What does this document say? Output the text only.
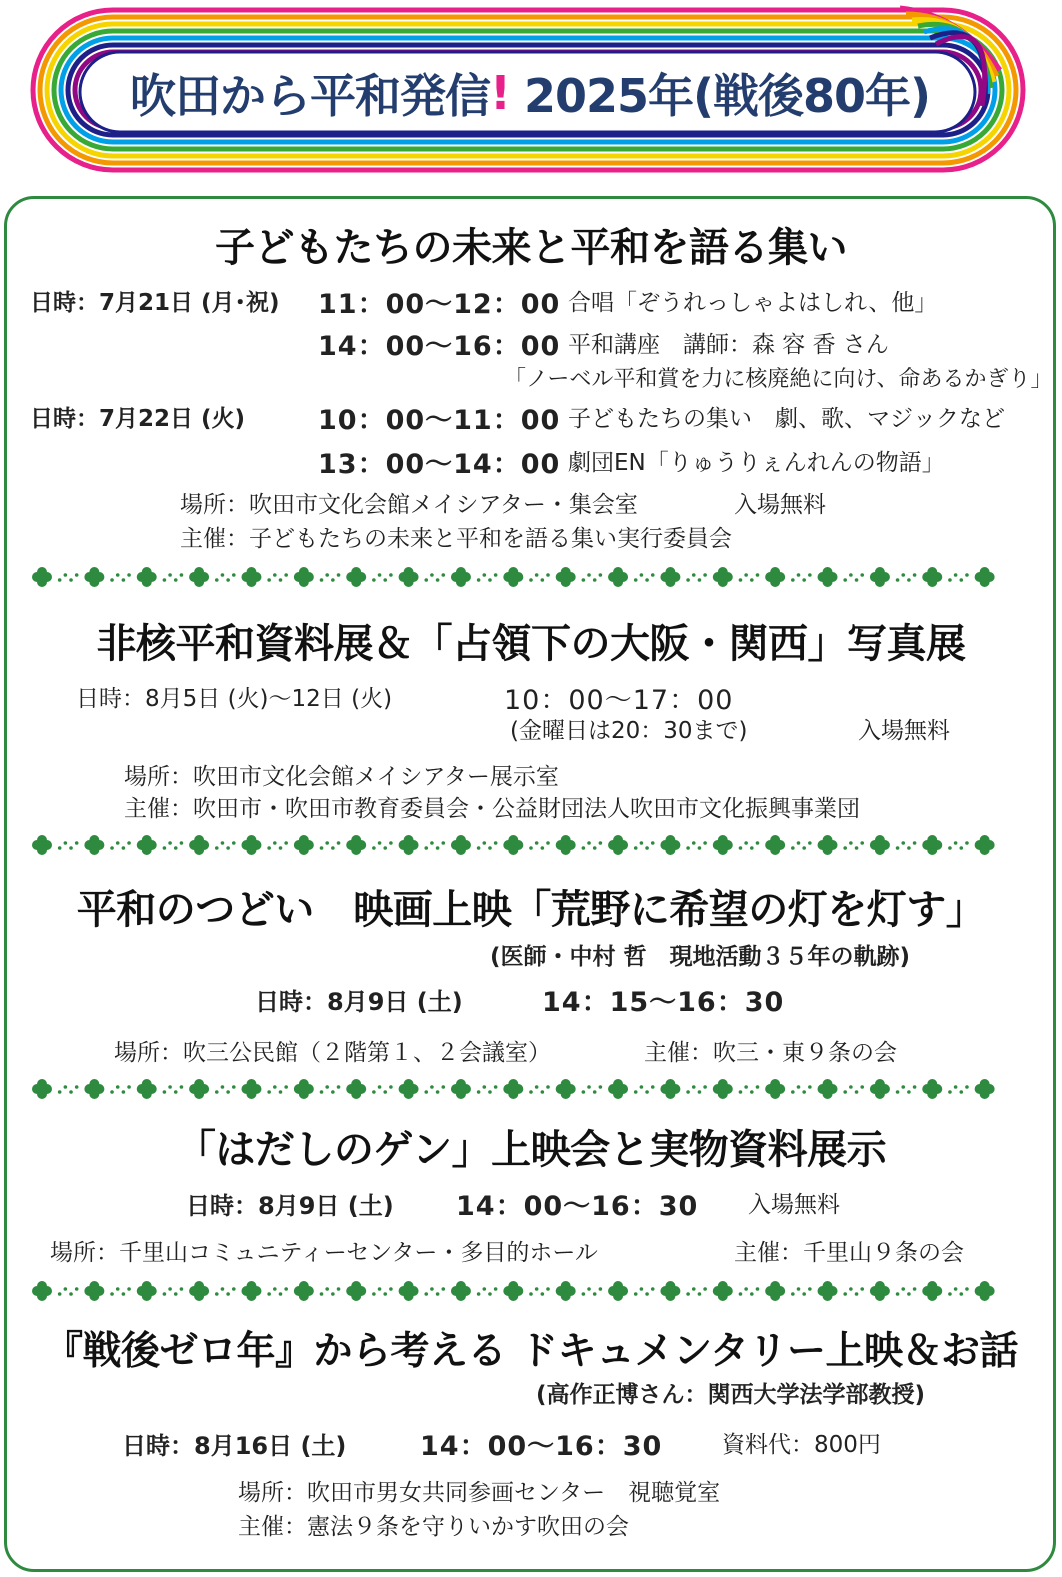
吹田から平和発信 ! 2025年(戦後80年)
子どもたちの未来と平和を語る集い
日時：7月21日 (月･祝) 11：00～12：00 合唱「ぞうれっしゃよはしれ、他」
14：00～16：00 平和講座　講師：森 容 香 さん
「ノーベル平和賞を力に核廃絶に向け、命あるかぎり」
日時：7月22日 (火)	10：00～11：00 子どもたちの集い　劇、歌、マジックなど
13：00～14：00 劇団EN「りゅうりぇんれんの物語」
場所：吹田市文化会館メイシアター・集会室	入場無料
主催：子どもたちの未来と平和を語る集い実行委員会
非核平和資料展＆「占領下の大阪・関西」写真展
日時：8月5日 (火)～12日 (火)	10：00～17：00
(金曜日は20：30まで)	入場無料
場所：吹田市文化会館メイシアター展示室
主催：吹田市・吹田市教育委員会・公益財団法人吹田市文化振興事業団
平和のつどい　映画上映「荒野に希望の灯を灯す」
(医師・中村 哲　現地活動３５年の軌跡)
日時：8月9日 (土)	14：15～16：30
場所：吹三公民館（２階第１、２会議室）	主催：吹三・東９条の会
「はだしのゲン」上映会と実物資料展示
日時：8月9日 (土) 14：00～16：30 入場無料
場所：千里山コミュニティーセンター・多目的ホール	主催：千里山９条の会
『戦後ゼロ年』から考える ドキュメンタリー上映＆お話
(高作正博さん：関西大学法学部教授)
日時：8月16日 (土)	14：00～16：30	資料代：800円
場所：吹田市男女共同参画センター　視聴覚室
主催：憲法９条を守りいかす吹田の会
